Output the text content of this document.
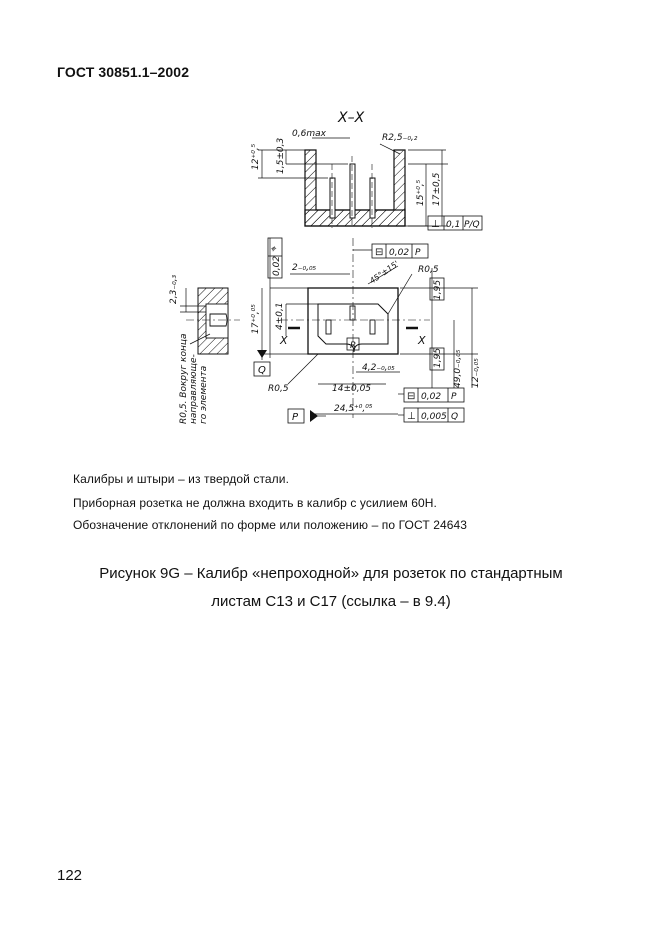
ГОСТ 30851.1–2002
X–X
0,6max	R2,5₋₀,₂
12⁺⁰,⁵ 1,5±0,3
15⁺⁰,⁵ 17±0,5
⊥ 0,1 P/Q
X	X
2₋₀,₀₅	R0,5
45°±15'
17⁺⁰,⁰⁵ 4±0,1
R0,5
1,95
1,95
4,2₋₀,₀₅
14±0,05
24,5⁺⁰,⁰⁵
49,0₋₀,₀₅ 12₋₀,₀₅
⊟ 0,02 P
⌖
0,02
⊟ 0,02 P
⊥ 0,005 Q
Q
P
R
2,3₋₀,₃
R0,5. Вокруг конца направляюще- го элемента
Калибры и штыри – из твердой стали.
Приборная розетка не должна входить в калибр с усилием 60Н.
Обозначение отклонений по форме или положению – по ГОСТ 24643
Рисунок 9G – Калибр «непроходной» для розеток по стандартным
листам C13 и C17 (ссылка – в 9.4)
122
